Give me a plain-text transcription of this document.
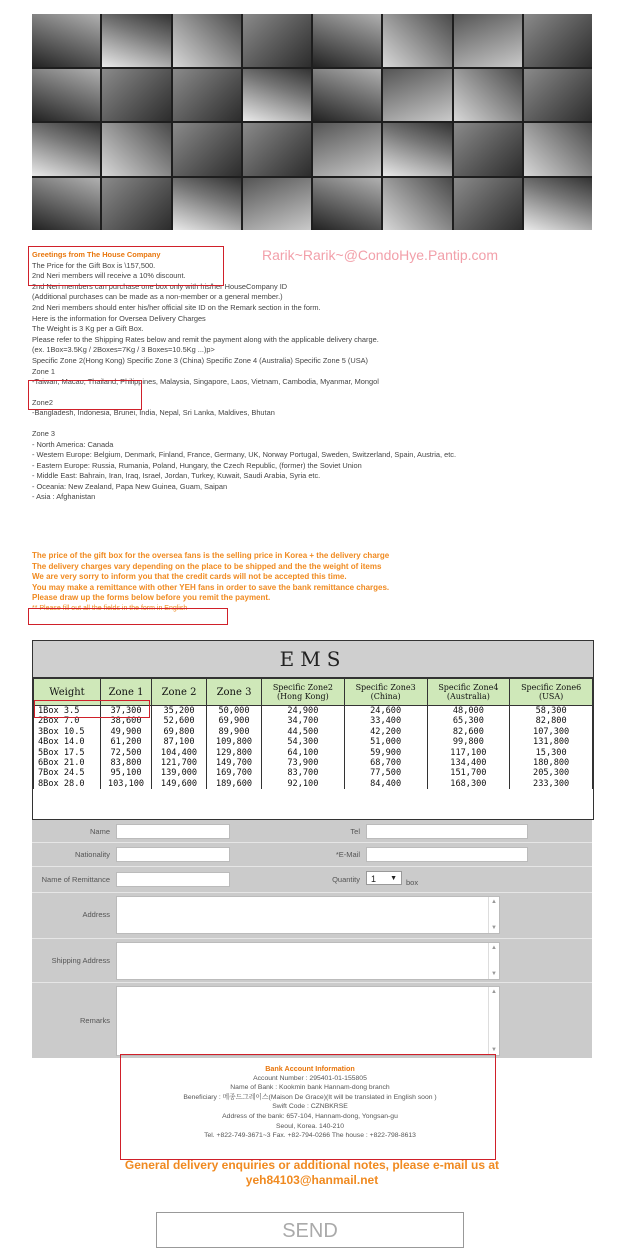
Rarik~Rarik~@CondoHye.Pantip.com
Greetings from The House Company
The Price for the Gift Box is \157,500.
2nd Neri members will receive a 10% discount.
2nd Neri members can purchase one box only with his/her HouseCompany ID
(Additional purchases can be made as a non-member or a general member.)
2nd Neri members should enter his/her official site ID on the Remark section in the form.
Here is the information for Oversea Delivery Charges
The Weight is 3 Kg per a Gift Box.
Please refer to the Shipping Rates below and remit the payment along with the applicable delivery charge.
(ex. 1Box=3.5Kg / 2Boxes=7Kg / 3 Boxes=10.5Kg ...)p>
Specific Zone 2(Hong Kong) Specific Zone 3 (China) Specific Zone 4 (Australia) Specific Zone 5 (USA)
Zone 1
-Taiwan, Macao, Thailand, Philippines, Malaysia, Singapore, Laos, Vietnam, Cambodia, Myanmar, Mongol
Zone2
-Bangladesh, Indonesia, Brunei, India, Nepal, Sri Lanka, Maldives, Bhutan
Zone 3
- North America: Canada
- Western Europe: Belgium, Denmark, Finland, France, Germany, UK, Norway Portugal, Sweden, Switzerland, Spain, Austria, etc.
- Eastern Europe: Russia, Rumania, Poland, Hungary, the Czech Republic, (former) the Soviet Union
- Middle East: Bahrain, Iran, Iraq, Israel, Jordan, Turkey, Kuwait, Saudi Arabia, Syria etc.
- Oceania: New Zealand, Papa New Guinea, Guam, Saipan
- Asia : Afghanistan
The price of the gift box for the oversea fans is the selling price in Korea + the delivery charge
The delivery charges vary depending on the place to be shipped and the the weight of items
We are very sorry to inform you that the credit cards will not be accepted this time.
You may make a remittance with other YEH fans in order to save the bank remittance charges.
Please draw up the forms below before you remit the payment.
** Please fill out all the fields in the form in English
EMS
Weight	Zone 1	Zone 2	Zone 3	Specific Zone2
(Hong Kong)	Specific Zone3
(China)	Specific Zone4
(Australia)	Specific Zone6
(USA)
1Box 3.5	37,300	35,200	50,000	24,900	24,600	48,000	58,300
2Box 7.0	38,600	52,600	69,900	34,700	33,400	65,300	82,800
3Box 10.5	49,900	69,800	89,900	44,500	42,200	82,600	107,300
4Box 14.0	61,200	87,100	109,800	54,300	51,000	99,800	131,800
5Box 17.5	72,500	104,400	129,800	64,100	59,900	117,100	15,300
6Box 21.0	83,800	121,700	149,700	73,900	68,700	134,400	180,800
7Box 24.5	95,100	139,000	169,700	83,700	77,500	151,700	205,300
8Box 28.0	103,100	149,600	189,600	92,100	84,400	168,300	233,300
Name	Tel
Nationality	*E-Mail
Name of Remittance	Quantity	1 ▼ box
Address
▲
▼
Shipping Address
▲
▼
Remarks
▲
▼
Bank Account Information
Account Number : 295401-01-155805
Name of Bank : Kookmin bank Hannam-dong branch
Beneficiary : 메종드그레이스(Maison De Grace)(It will be translated in English soon )
Swift Code : CZNBKRSE
Address of the bank: 657-104, Hannam-dong, Yongsan-gu
Seoul, Korea. 140-210
Tel. +822-749-3671~3 Fax. +82-794-0266 The house : +822-798-8613
General delivery enquiries or additional notes, please e-mail us at
yeh84103@hanmail.net
SEND
